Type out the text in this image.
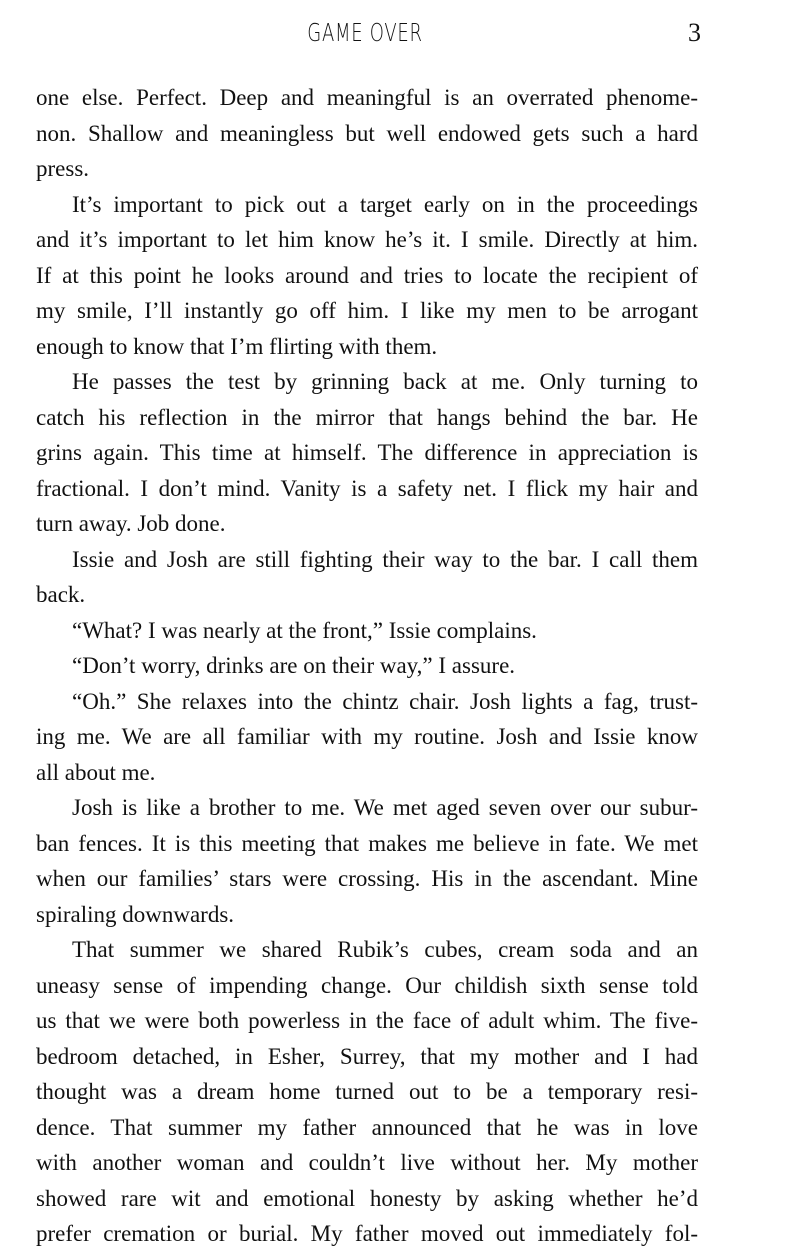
GAME OVER	3
one else. Perfect. Deep and meaningful is an overrated phenome-
non. Shallow and meaningless but well endowed gets such a hard
press.
It’s important to pick out a target early on in the proceedings
and it’s important to let him know he’s it. I smile. Directly at him.
If at this point he looks around and tries to locate the recipient of
my smile, I’ll instantly go off him. I like my men to be arrogant
enough to know that I’m flirting with them.
He passes the test by grinning back at me. Only turning to
catch his reflection in the mirror that hangs behind the bar. He
grins again. This time at himself. The difference in appreciation is
fractional. I don’t mind. Vanity is a safety net. I flick my hair and
turn away. Job done.
Issie and Josh are still fighting their way to the bar. I call them
back.
“What? I was nearly at the front,” Issie complains.
“Don’t worry, drinks are on their way,” I assure.
“Oh.” She relaxes into the chintz chair. Josh lights a fag, trust-
ing me. We are all familiar with my routine. Josh and Issie know
all about me.
Josh is like a brother to me. We met aged seven over our subur-
ban fences. It is this meeting that makes me believe in fate. We met
when our families’ stars were crossing. His in the ascendant. Mine
spiraling downwards.
That summer we shared Rubik’s cubes, cream soda and an
uneasy sense of impending change. Our childish sixth sense told
us that we were both powerless in the face of adult whim. The five-
bedroom detached, in Esher, Surrey, that my mother and I had
thought was a dream home turned out to be a temporary resi-
dence. That summer my father announced that he was in love
with another woman and couldn’t live without her. My mother
showed rare wit and emotional honesty by asking whether he’d
prefer cremation or burial. My father moved out immediately fol-
